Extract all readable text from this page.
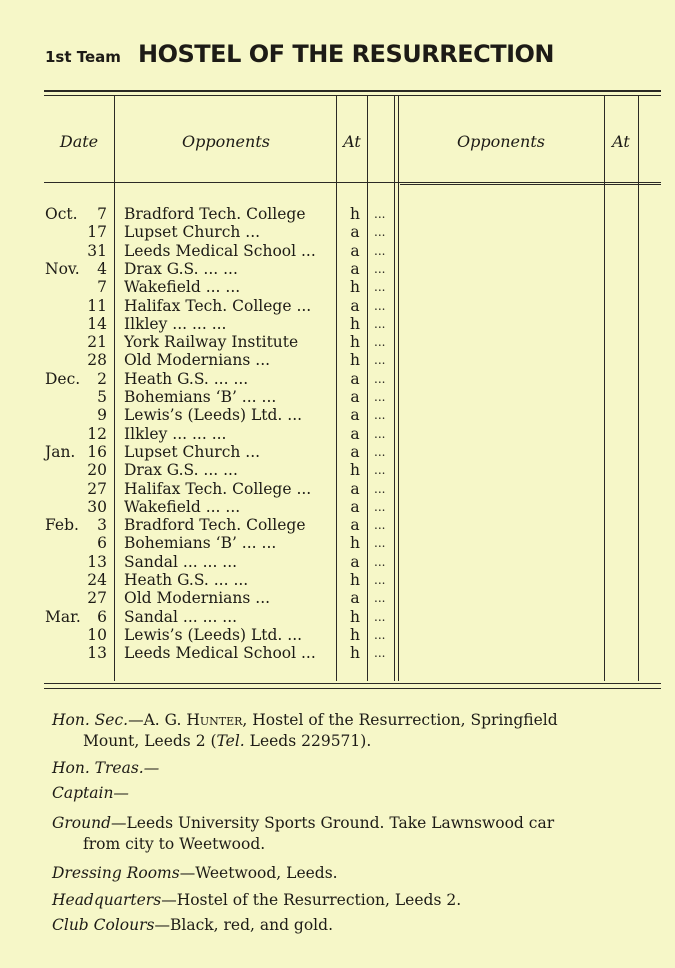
1st Team HOSTEL OF THE RESURRECTION
Date	Opponents	At	Opponents	At
Oct.	7 Bradford Tech. College	h ...
17 Lupset Church ...	a ...
31 Leeds Medical School ...	a ...
Nov.	4 Drax G.S. ... ...	a ...
7 Wakefield ... ...	h ...
11 Halifax Tech. College ...	a ...
14 Ilkley ... ... ...	h ...
21 York Railway Institute	h ...
28 Old Modernians ...	h ...
Dec.	2 Heath G.S. ... ...	a ...
5 Bohemians ‘B’ ... ...	a ...
9 Lewis’s (Leeds) Ltd. ...	a ...
12 Ilkley ... ... ...	a ...
Jan. 16 Lupset Church ...	a ...
20 Drax G.S. ... ...	h ...
27 Halifax Tech. College ...	a ...
30 Wakefield ... ...	a ...
Feb.	3 Bradford Tech. College	a ...
6 Bohemians ‘B’ ... ...	h ...
13 Sandal ... ... ...	a ...
24 Heath G.S. ... ...	h ...
27 Old Modernians ...	a ...
Mar.	6 Sandal ... ... ...	h ...
10 Lewis’s (Leeds) Ltd. ...	h ...
13 Leeds Medical School ...	h ...
Hon. Sec.—A. G. Hunter, Hostel of the Resurrection, Springfield
Mount, Leeds 2 (Tel. Leeds 229571).
Hon. Treas.—
Captain—
Ground—Leeds University Sports Ground. Take Lawnswood car
from city to Weetwood.
Dressing Rooms—Weetwood, Leeds.
Headquarters—Hostel of the Resurrection, Leeds 2.
Club Colours—Black, red, and gold.
